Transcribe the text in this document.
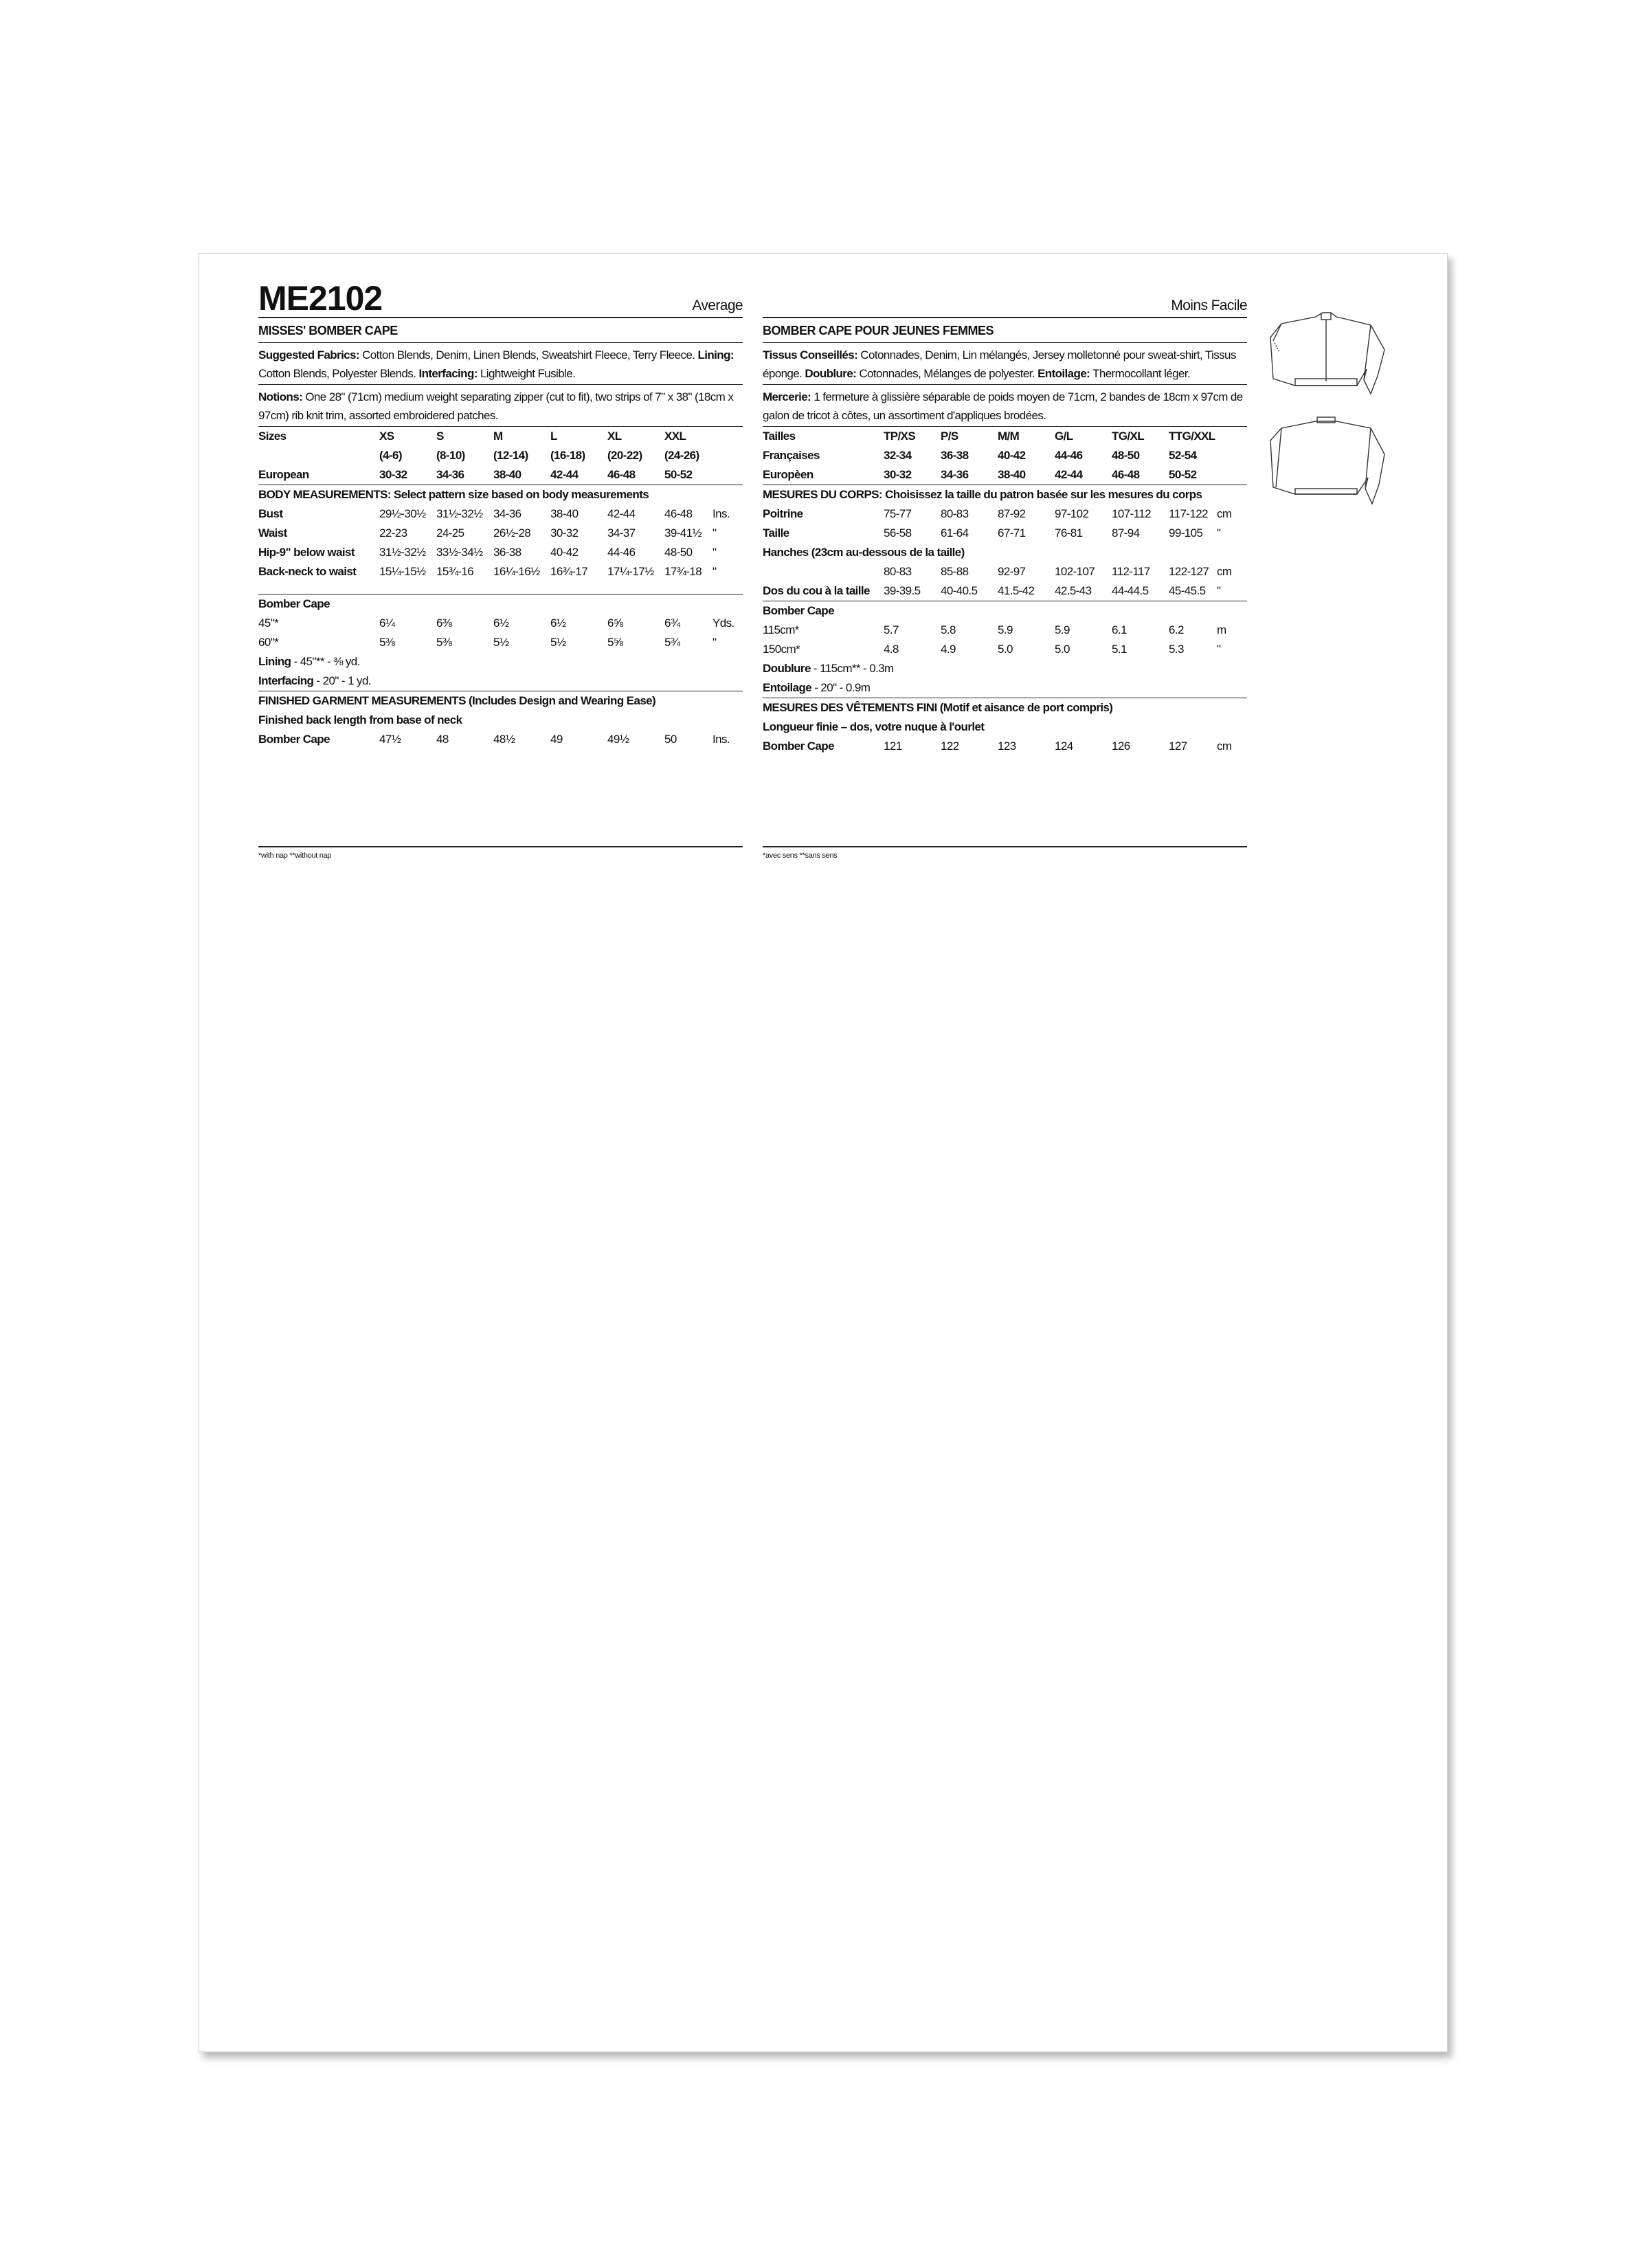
ME2102	Average
MISSES' BOMBER CAPE
Suggested Fabrics: Cotton Blends, Denim, Linen Blends, Sweatshirt Fleece, Terry Fleece. Lining: Cotton Blends, Polyester Blends. Interfacing: Lightweight Fusible.
Notions: One 28" (71cm) medium weight separating zipper (cut to fit), two strips of 7" x 38" (18cm x 97cm) rib knit trim, assorted embroidered patches.
Sizes	XS	S	M	L	XL	XXL	
	(4-6)	(8-10)	(12-14)	(16-18)	(20-22)	(24-26)	
European	30-32	34-36	38-40	42-44	46-48	50-52	
BODY MEASUREMENTS: Select pattern size based on body measurements							
Bust	29½-30½	31½-32½	34-36	38-40	42-44	46-48	Ins.
Waist	22-23	24-25	26½-28	30-32	34-37	39-41½	"
Hip-9" below waist	31½-32½	33½-34½	36-38	40-42	44-46	48-50	"
Back-neck to waist	15¼-15½	15¾-16	16¼-16½	16¾-17	17¼-17½	17¾-18	"

Bomber Cape							
45"*	6¼	6⅜	6½	6½	6⅝	6¾	Yds.
60"*	5⅜	5⅜	5½	5½	5⅝	5¾	"
Lining - 45"** - ⅜ yd.							
Interfacing - 20" - 1 yd.							
FINISHED GARMENT MEASUREMENTS (Includes Design and Wearing Ease)							
Finished back length from base of neck							
Bomber Cape	47½	48	48½	49	49½	50	Ins.
*with nap **without nap
Moins Facile
BOMBER CAPE POUR JEUNES FEMMES
Tissus Conseillés: Cotonnades, Denim, Lin mélangés, Jersey molletonné pour sweat-shirt, Tissus éponge. Doublure: Cotonnades, Mélanges de polyester. Entoilage: Thermocollant léger.
Mercerie: 1 fermeture à glissière séparable de poids moyen de 71cm, 2 bandes de 18cm x 97cm de galon de tricot à côtes, un assortiment d'appliques brodées.
Tailles	TP/XS	P/S	M/M	G/L	TG/XL	TTG/XXL	
Françaises	32-34	36-38	40-42	44-46	48-50	52-54	
Europèen	30-32	34-36	38-40	42-44	46-48	50-52	
MESURES DU CORPS: Choisissez la taille du patron basée sur les mesures du corps							
Poitrine	75-77	80-83	87-92	97-102	107-112	117-122	cm
Taille	56-58	61-64	67-71	76-81	87-94	99-105	"
Hanches (23cm au-dessous de la taille)							
	80-83	85-88	92-97	102-107	112-117	122-127	cm
Dos du cou à la taille	39-39.5	40-40.5	41.5-42	42.5-43	44-44.5	45-45.5	"
Bomber Cape							
115cm*	5.7	5.8	5.9	5.9	6.1	6.2	m
150cm*	4.8	4.9	5.0	5.0	5.1	5.3	"
Doublure - 115cm** - 0.3m							
Entoilage - 20" - 0.9m							
MESURES DES VÊTEMENTS FINI (Motif et aisance de port compris)							
Longueur finie – dos, votre nuque à l'ourlet							
Bomber Cape	121	122	123	124	126	127	cm
*avec sens **sans sens
